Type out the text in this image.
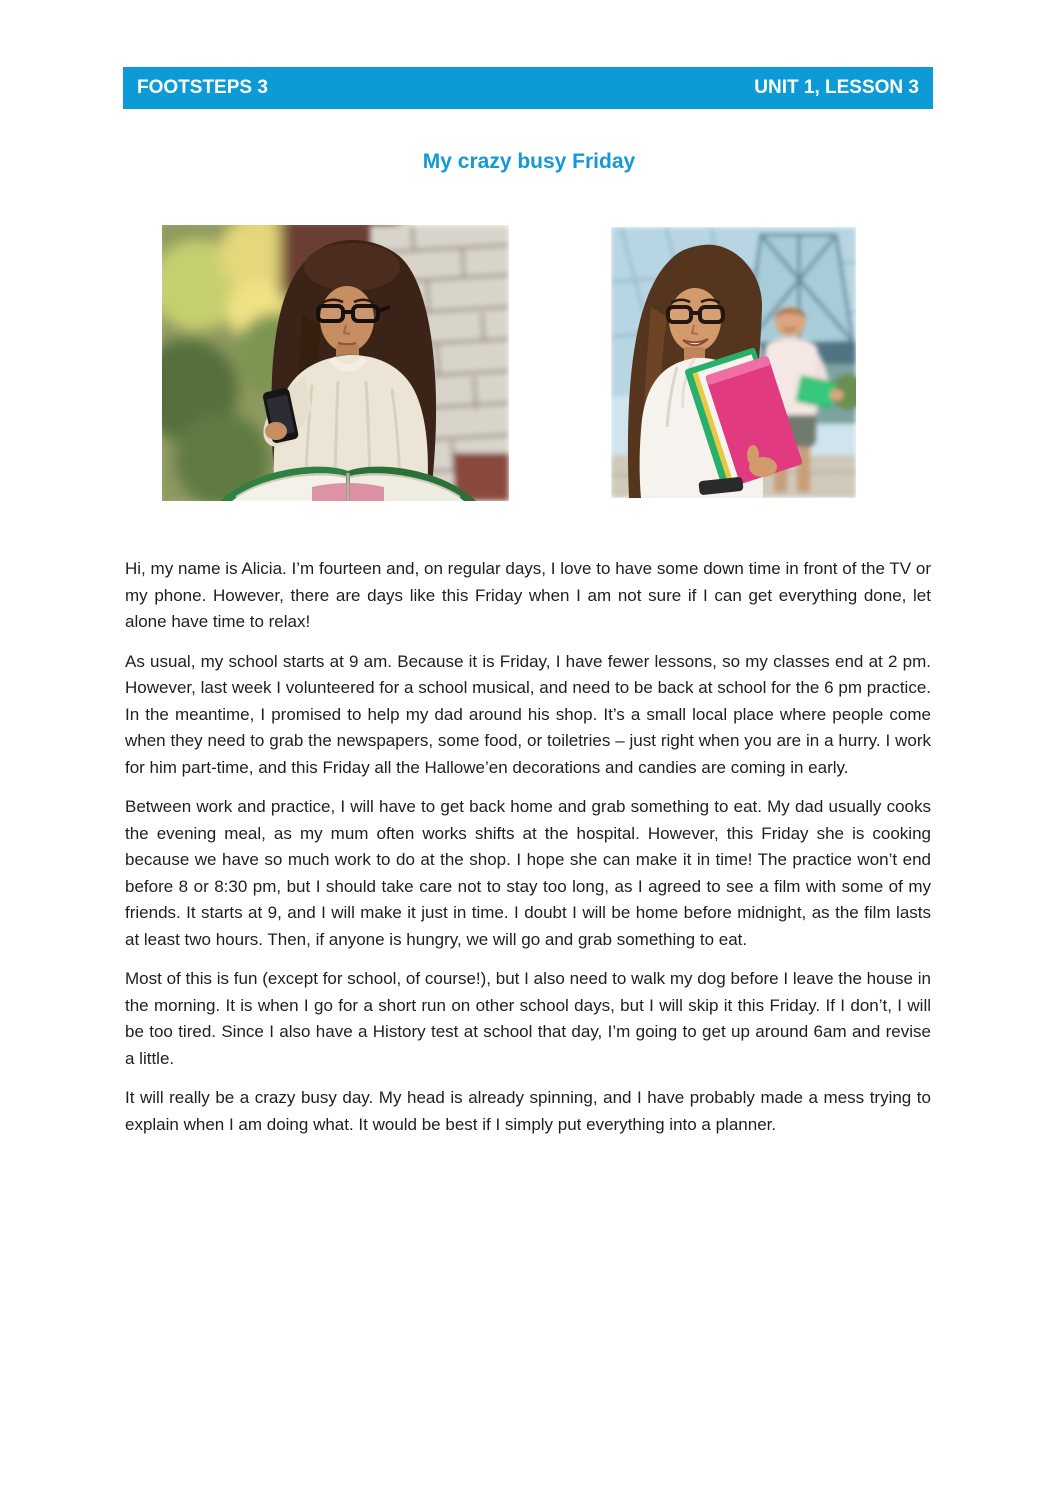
FOOTSTEPS 3	UNIT 1, LESSON 3
My crazy busy Friday

Hi, my name is Alicia. I’m fourteen and, on regular days, I love to have some down time in front of the TV or my phone. However, there are days like this Friday when I am not sure if I can get everything done, let alone have time to relax!

As usual, my school starts at 9 am. Because it is Friday, I have fewer lessons, so my classes end at 2 pm. However, last week I volunteered for a school musical, and need to be back at school for the 6 pm practice. In the meantime, I promised to help my dad around his shop. It’s a small local place where people come when they need to grab the newspapers, some food, or toiletries – just right when you are in a hurry. I work for him part-time, and this Friday all the Hallowe’en decorations and candies are coming in early.

Between work and practice, I will have to get back home and grab something to eat. My dad usually cooks the evening meal, as my mum often works shifts at the hospital. However, this Friday she is cooking because we have so much work to do at the shop. I hope she can make it in time! The practice won’t end before 8 or 8:30 pm, but I should take care not to stay too long, as I agreed to see a film with some of my friends. It starts at 9, and I will make it just in time. I doubt I will be home before midnight, as the film lasts at least two hours. Then, if anyone is hungry, we will go and grab something to eat.

Most of this is fun (except for school, of course!), but I also need to walk my dog before I leave the house in the morning. It is when I go for a short run on other school days, but I will skip it this Friday. If I don’t, I will be too tired. Since I also have a History test at school that day, I’m going to get up around 6am and revise a little.

It will really be a crazy busy day. My head is already spinning, and I have probably made a mess trying to explain when I am doing what. It would be best if I simply put everything into a planner.
